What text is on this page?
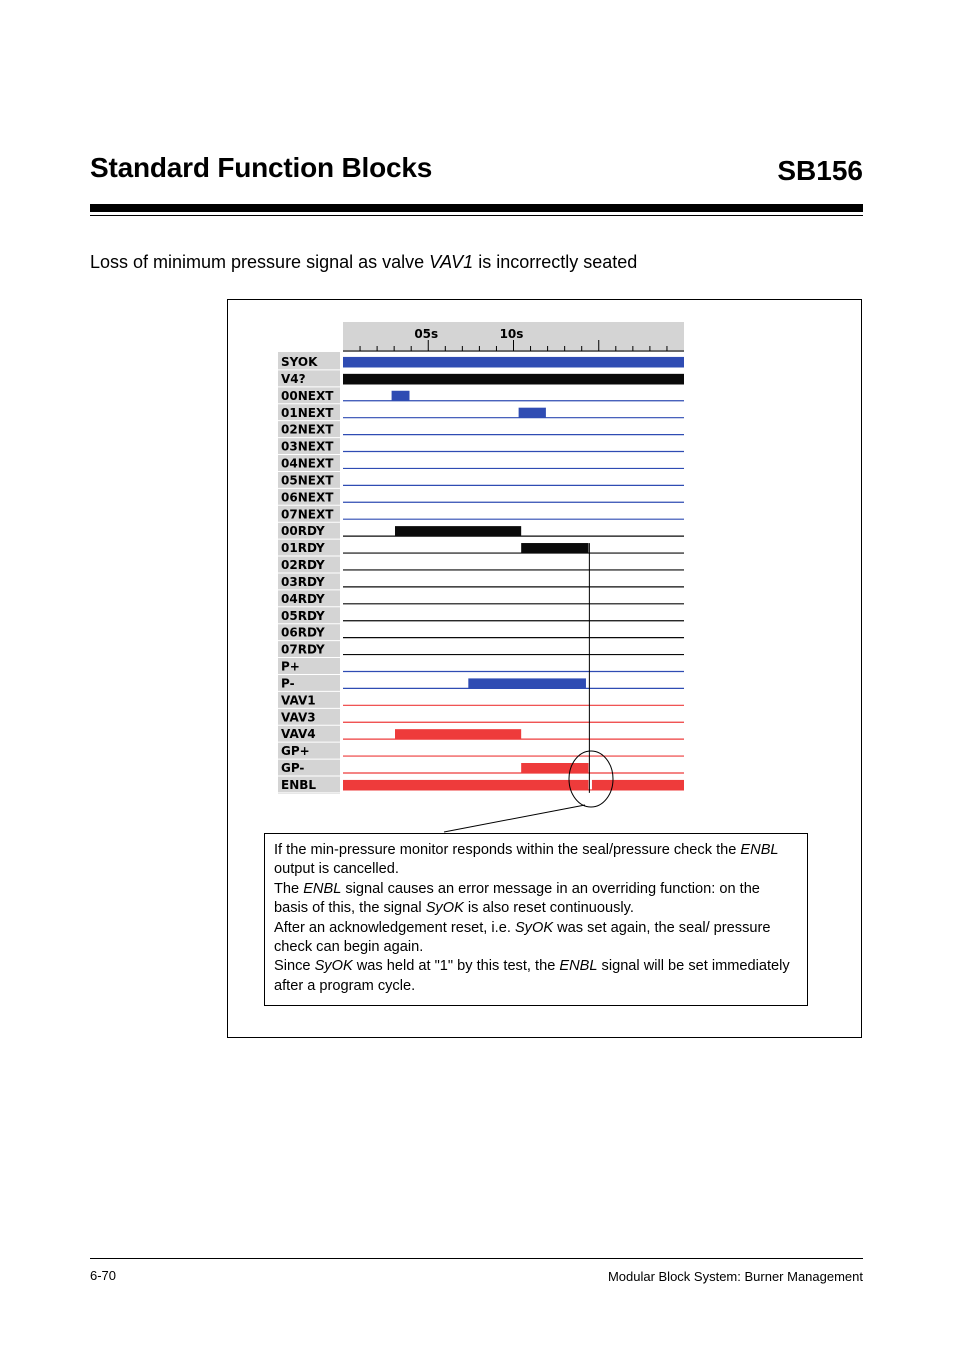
Standard Function Blocks	SB156
Loss of minimum pressure signal as valve VAV1 is incorrectly seated
05s	10s
SYOK
V4?
00NEXT
01NEXT
02NEXT
03NEXT
04NEXT
05NEXT
06NEXT
07NEXT
00RDY
01RDY
02RDY
03RDY
04RDY
05RDY
06RDY
07RDY
P+
P-
VAV1
VAV3
VAV4
GP+
GP-
ENBL

If the min-pressure monitor responds within the seal/pressure check the ENBL output is cancelled.

The ENBL signal causes an error message in an overriding function: on the basis of this, the signal SyOK is also reset continuously.

After an acknowledgement reset, i.e. SyOK was set again, the seal/ pressure check can begin again.

Since SyOK was held at "1" by this test, the ENBL signal will be set immediately after a program cycle.

6-70	Modular Block System: Burner Management
